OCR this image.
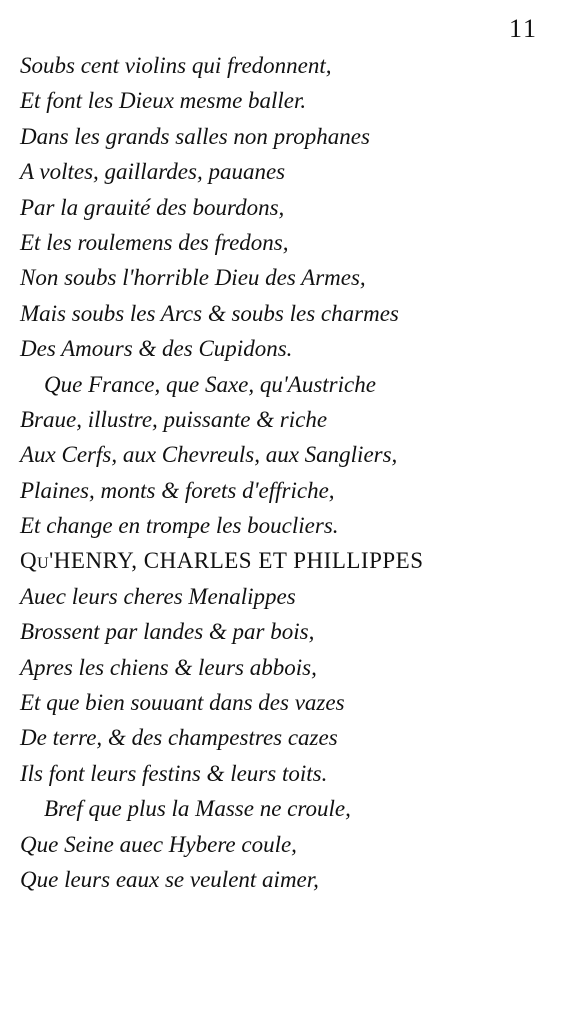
11
Soubs cent violins qui fredonnent,
Et font les Dieux mesme baller.
Dans les grands salles non prophanes
A voltes, gaillardes, pauanes
Par la grauité des bourdons,
Et les roulemens des fredons,
Non soubs l'horrible Dieu des Armes,
Mais soubs les Arcs & soubs les charmes
Des Amours & des Cupidons.
Que France, que Saxe, qu'Austriche
Braue, illustre, puissante & riche
Aux Cerfs, aux Chevreuls, aux Sangliers,
Plaines, monts & forets d'effriche,
Et change en trompe les boucliers.
Qu'HENRY, CHARLES ET PHILLIPPES
Auec leurs cheres Menalippes
Brossent par landes & par bois,
Apres les chiens & leurs abbois,
Et que bien souuant dans des vazes
De terre, & des champestres cazes
Ils font leurs festins & leurs toits.
Bref que plus la Masse ne croule,
Que Seine auec Hybere coule,
Que leurs eaux se veulent aimer,
